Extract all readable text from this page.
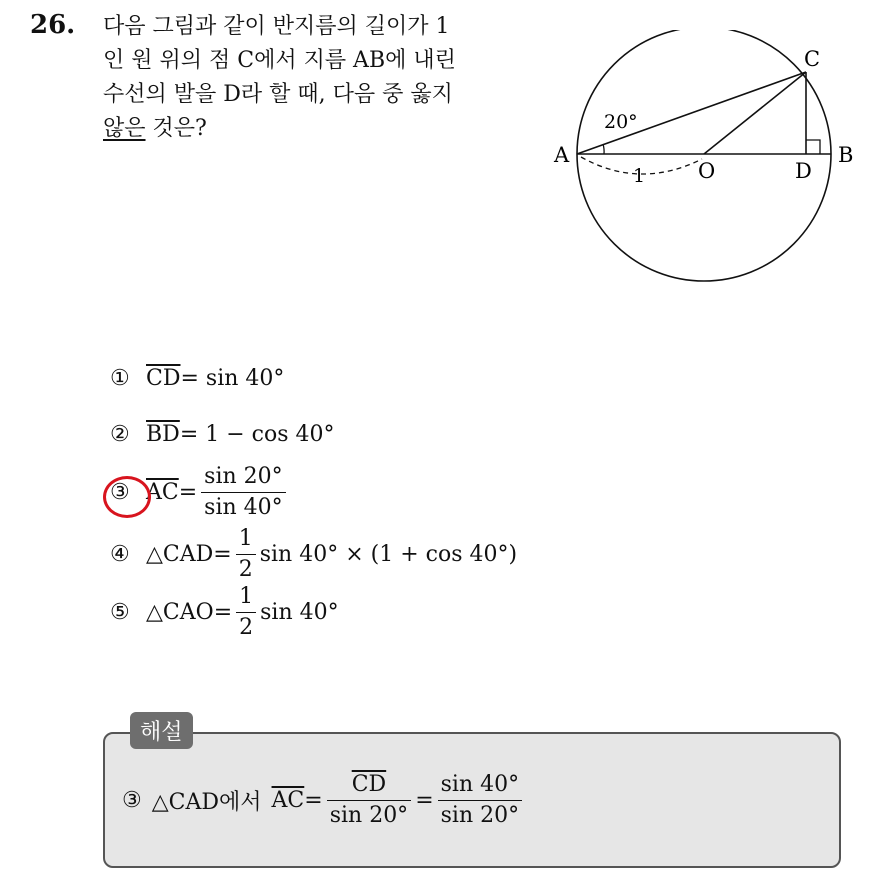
26. 다음 그림과 같이 반지름의 길이가 1
인 원 위의 점 C에서 지름 AB에 내린
수선의 발을 D라 할 때, 다음 중 옳지
않은 것은?
A	B
C
D
O
20°
1
① $\overline{CD} = \sin 40^\circ$
② $\overline{BD} = 1 - \cos 40^\circ$
③ $\overline{AC} = \frac{\sin 20^\circ}{\sin 40^\circ}$
④ △CAD = $\frac{1}{2}$ sin 40° × (1 + cos 40°)
⑤ △CAO = $\frac{1}{2}$ sin 40°
해설
③ △CAD에서 $\overline{AC} = \frac{\overline{CD}}{\sin 20^\circ} = \frac{\sin 40^\circ}{\sin 20^\circ}$
